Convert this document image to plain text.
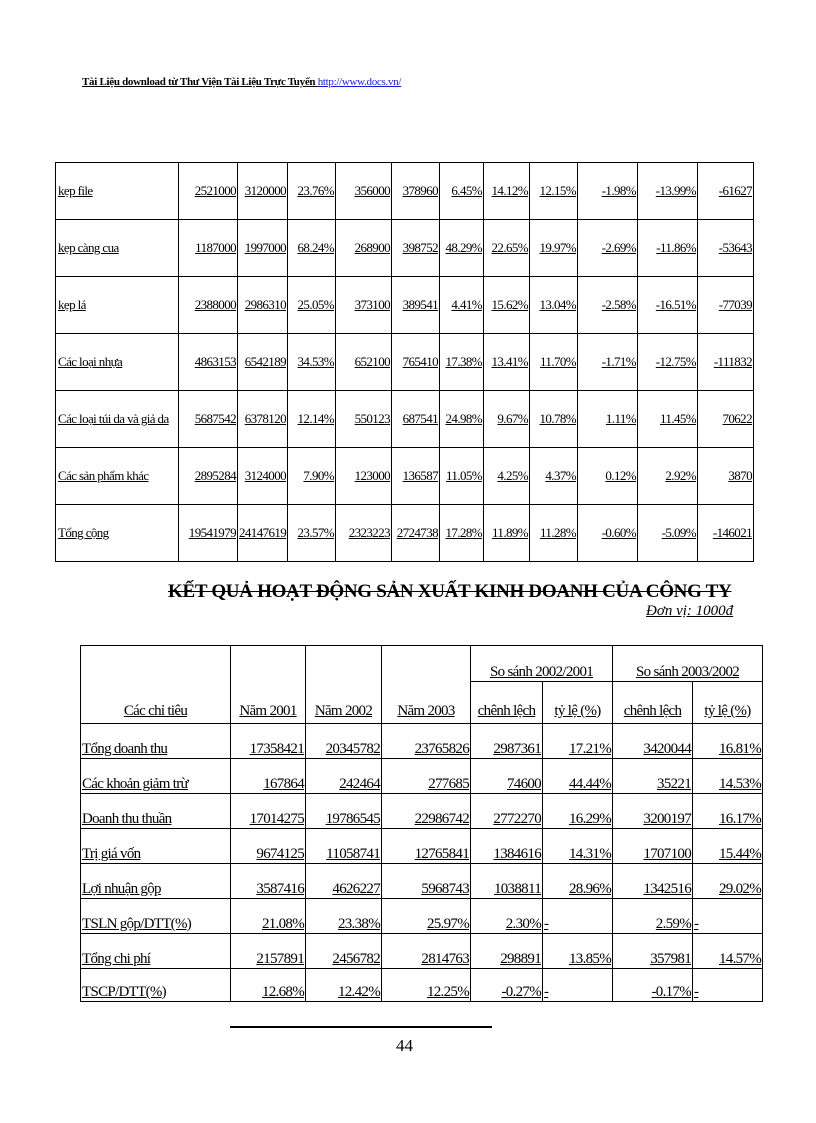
Tài Liệu download từ Thư Viện Tài Liệu Trực Tuyến http://www.docs.vn/
kẹp file	2521000	3120000	23.76%	356000	378960	6.45%	14.12%	12.15%	-1.98%	-13.99%	-61627
kẹp càng cua	1187000	1997000	68.24%	268900	398752	48.29%	22.65%	19.97%	-2.69%	-11.86%	-53643
kẹp lá	2388000	2986310	25.05%	373100	389541	4.41%	15.62%	13.04%	-2.58%	-16.51%	-77039
Các loại nhựa	4863153	6542189	34.53%	652100	765410	17.38%	13.41%	11.70%	-1.71%	-12.75%	-111832
Các loại túi da và giả da	5687542	6378120	12.14%	550123	687541	24.98%	9.67%	10.78%	1.11%	11.45%	70622
Các sản phẩm khác	2895284	3124000	7.90%	123000	136587	11.05%	4.25%	4.37%	0.12%	2.92%	3870
Tổng cộng	19541979	24147619	23.57%	2323223	2724738	17.28%	11.89%	11.28%	-0.60%	-5.09%	-146021
KẾT QUẢ HOẠT ĐỘNG SẢN XUẤT KINH DOANH CỦA CÔNG TY
Đơn vị: 1000đ
Các chỉ tiêu	Năm 2001	Năm 2002	Năm 2003	So sánh 2002/2001		So sánh 2003/2002	
				chênh lệch	tỷ lệ (%)	chênh lệch	tỷ lệ (%)
Tổng doanh thu	17358421	20345782	23765826	2987361	17.21%	3420044	16.81%
Các khoản giảm trừ	167864	242464	277685	74600	44.44%	35221	14.53%
Doanh thu thuần	17014275	19786545	22986742	2772270	16.29%	3200197	16.17%
Trị giá vốn	9674125	11058741	12765841	1384616	14.31%	1707100	15.44%
Lợi nhuận gộp	3587416	4626227	5968743	1038811	28.96%	1342516	29.02%
TSLN gộp/DTT(%)	21.08%	23.38%	25.97%	2.30%	-	2.59%	-
Tổng chi phí	2157891	2456782	2814763	298891	13.85%	357981	14.57%
TSCP/DTT(%)	12.68%	12.42%	12.25%	-0.27%	-	-0.17%	-
44
